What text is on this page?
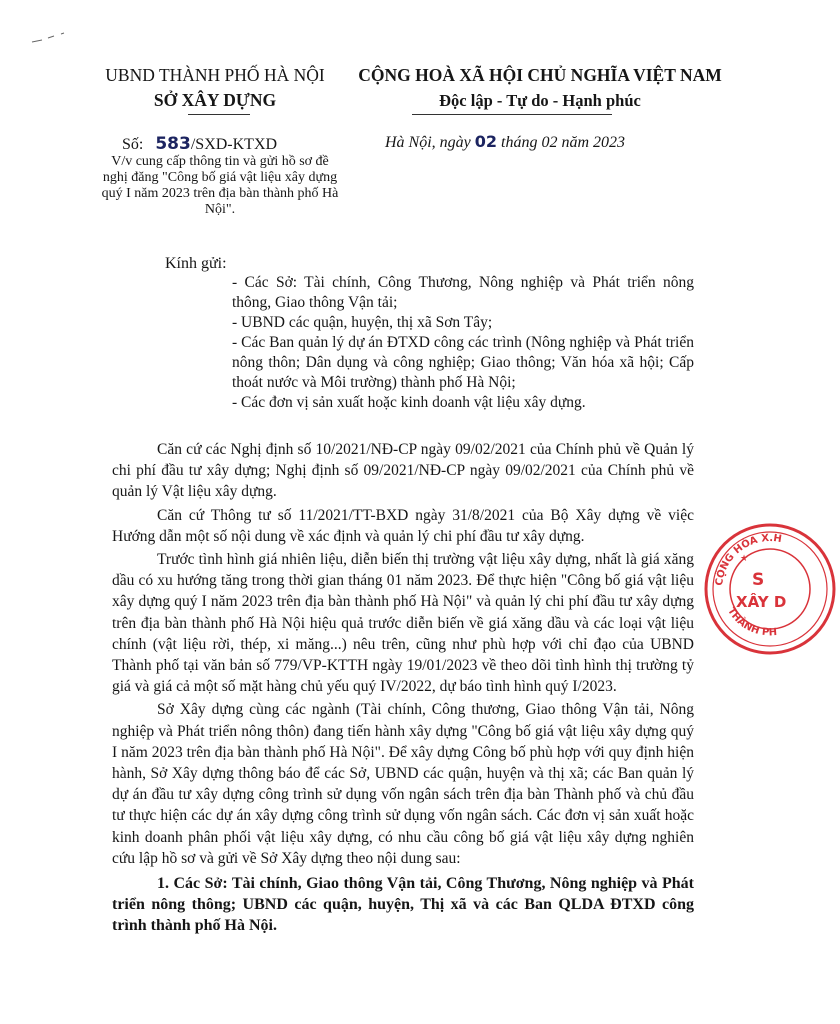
UBND THÀNH PHỐ HÀ NỘI
SỞ XÂY DỰNG
CỘNG HOÀ XÃ HỘI CHỦ NGHĨA VIỆT NAM
Độc lập - Tự do - Hạnh phúc
Số: 583/SXD-KTXD
V/v cung cấp thông tin và gửi hồ sơ đề nghị đăng "Công bố giá vật liệu xây dựng quý I năm 2023 trên địa bàn thành phố Hà Nội".
Hà Nội, ngày 02 tháng 02 năm 2023
Kính gửi:
- Các Sở: Tài chính, Công Thương, Nông nghiệp và Phát triển nông thông, Giao thông Vận tải;
- UBND các quận, huyện, thị xã Sơn Tây;
- Các Ban quản lý dự án ĐTXD công các trình (Nông nghiệp và Phát triển nông thôn; Dân dụng và công nghiệp; Giao thông; Văn hóa xã hội; Cấp thoát nước và Môi trường) thành phố Hà Nội;
- Các đơn vị sản xuất hoặc kinh doanh vật liệu xây dựng.

Căn cứ các Nghị định số 10/2021/NĐ-CP ngày 09/02/2021 của Chính phủ về Quản lý chi phí đầu tư xây dựng; Nghị định số 09/2021/NĐ-CP ngày 09/02/2021 của Chính phủ về quản lý Vật liệu xây dựng.

Căn cứ Thông tư số 11/2021/TT-BXD ngày 31/8/2021 của Bộ Xây dựng về việc Hướng dẫn một số nội dung về xác định và quản lý chi phí đầu tư xây dựng.

Trước tình hình giá nhiên liệu, diễn biến thị trường vật liệu xây dựng, nhất là giá xăng dầu có xu hướng tăng trong thời gian tháng 01 năm 2023. Để thực hiện "Công bố giá vật liệu xây dựng quý I năm 2023 trên địa bàn thành phố Hà Nội" và quản lý chi phí đầu tư xây dựng trên địa bàn thành phố Hà Nội hiệu quả trước diễn biến về giá xăng dầu và các loại vật liệu chính (vật liệu rời, thép, xi măng...) nêu trên, cũng như phù hợp với chỉ đạo của UBND Thành phố tại văn bản số 779/VP-KTTH ngày 19/01/2023 về theo dõi tình hình thị trường tỷ giá và giá cả một số mặt hàng chủ yếu quý IV/2022, dự báo tình hình quý I/2023.

Sở Xây dựng cùng các ngành (Tài chính, Công thương, Giao thông Vận tải, Nông nghiệp và Phát triển nông thôn) đang tiến hành xây dựng "Công bố giá vật liệu xây dựng quý I năm 2023 trên địa bàn thành phố Hà Nội". Để xây dựng Công bố phù hợp với quy định hiện hành, Sở Xây dựng thông báo để các Sở, UBND các quận, huyện và thị xã; các Ban quản lý dự án đầu tư xây dựng công trình sử dụng vốn ngân sách trên địa bàn Thành phố và chủ đầu tư thực hiện các dự án xây dựng công trình sử dụng vốn ngân sách. Các đơn vị sản xuất hoặc kinh doanh phân phối vật liệu xây dựng, có nhu cầu công bố giá vật liệu xây dựng nghiên cứu lập hồ sơ và gửi về Sở Xây dựng theo nội dung sau:

1. Các Sở: Tài chính, Giao thông Vận tải, Công Thương, Nông nghiệp và Phát triển nông thông; UBND các quận, huyện, Thị xã và các Ban QLDA ĐTXD công trình thành phố Hà Nội.

CỘNG HÒA X.H
THÀNH PH
S
XÂY D
★
